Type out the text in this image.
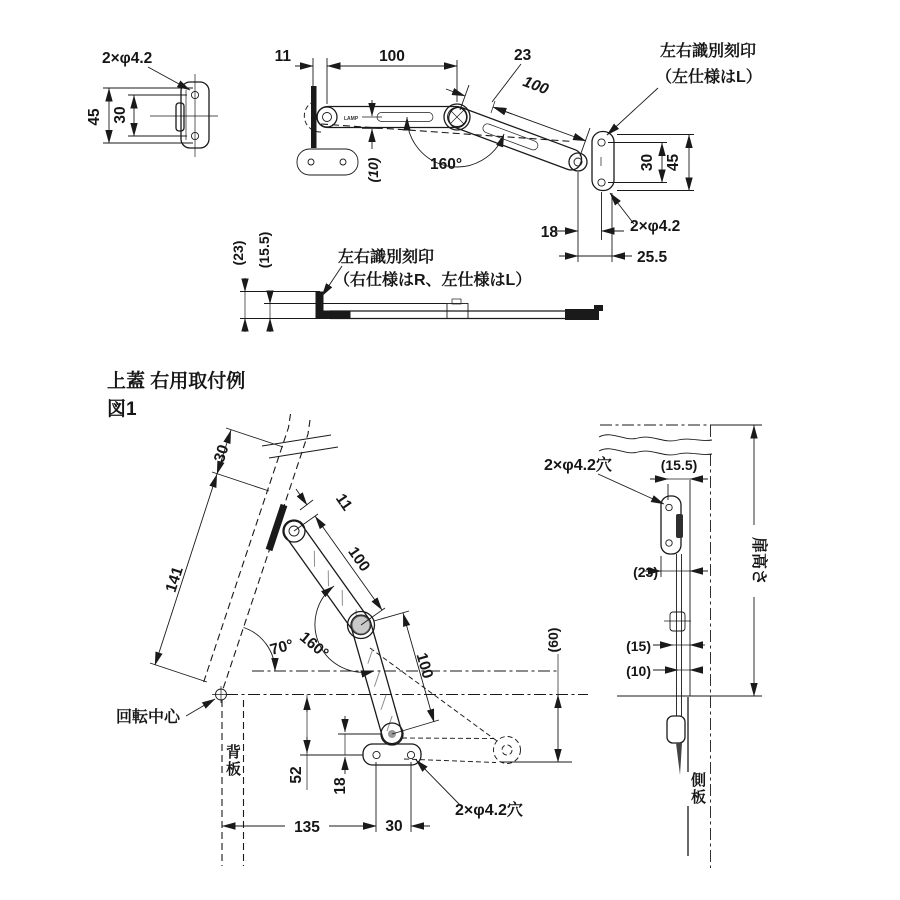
2×φ4.2
45 30	LAMP
11	100	23
100
160°
(10)	30 45
2×φ4.2
18
25.5
左右識別刻印
（左仕様はL）
(23) (15.5)	左右識別刻印
（右仕様はR、左仕様はL）
上蓋 右用取付例
図1
回転中心
30
141
11
100
100
70° 160°
52
18
135	30
2×φ4.2穴
(60)
2×φ4.2穴	(15.5)
(23)
(15)
(10)
扉高さ
背板
側板
